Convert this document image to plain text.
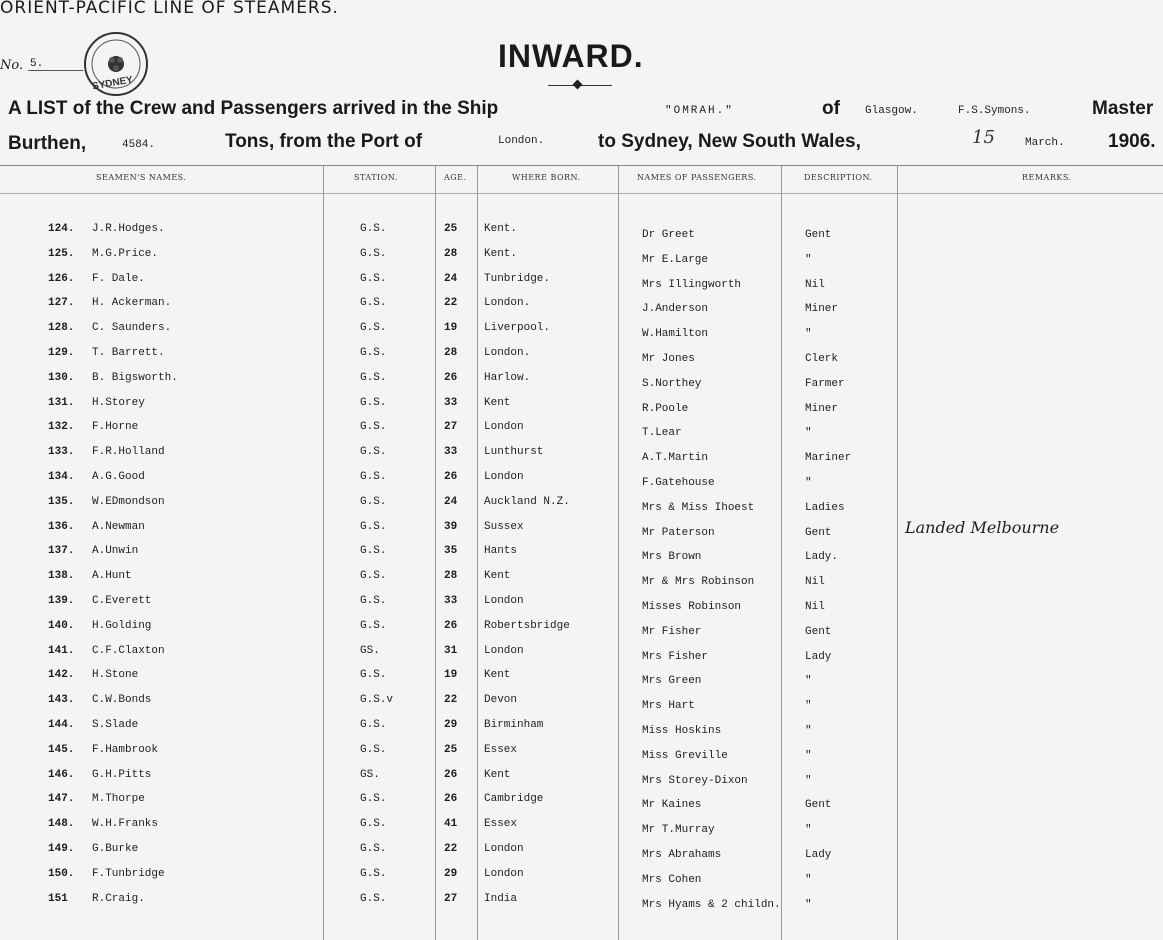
ORIENT-PACIFIC LINE OF STEAMERS.
No. 5.
SYDNEY
INWARD.
A LIST of the Crew and Passengers arrived in the Ship	"OMRAH."	of Glasgow.	F.S.Symons.	Master
Burthen,	4584.	Tons, from the Port of	London.	to Sydney, New South Wales,	15	March. 1906.
SEAMEN'S NAMES.	STATION.	AGE.	WHERE BORN.	NAMES OF PASSENGERS.	DESCRIPTION.	REMARKS.
124. J.R.Hodges.	G.S.	25 Kent.	Dr Greet	Gent
125. M.G.Price.	G.S.	28 Kent.	Mr E.Large	"
126. F. Dale.	G.S.	24 Tunbridge.	Mrs Illingworth	Nil
127. H. Ackerman.	G.S.	22 London.	J.Anderson	Miner
128. C. Saunders.	G.S.	19 Liverpool.	W.Hamilton	"
129. T. Barrett.	G.S.	28 London.	Mr Jones	Clerk
130. B. Bigsworth.	G.S.	26 Harlow.	S.Northey	Farmer
131. H.Storey	G.S.	33 Kent	R.Poole	Miner
132. F.Horne	G.S.	27 London	T.Lear	"
133. F.R.Holland	G.S.	33 Lunthurst	A.T.Martin	Mariner
134. A.G.Good	G.S.	26 London	F.Gatehouse	"
135. W.EDmondson	G.S.	24 Auckland N.Z.	Mrs & Miss Ihoest	Ladies
136. A.Newman	G.S.	39 Sussex	Mr Paterson	Gent	Landed Melbourne
137. A.Unwin	G.S.	35 Hants	Mrs Brown	Lady.
138. A.Hunt	G.S.	28 Kent	Mr & Mrs Robinson	Nil
139. C.Everett	G.S.	33 London	Misses Robinson	Nil
140. H.Golding	G.S.	26 Robertsbridge	Mr Fisher	Gent
141. C.F.Claxton	GS.	31 London	Mrs Fisher	Lady
142. H.Stone	G.S.	19 Kent	Mrs Green	"
143. C.W.Bonds	G.S.v	22 Devon	Mrs Hart	"
144. S.Slade	G.S.	29 Birminham	Miss Hoskins	"
145. F.Hambrook	G.S.	25 Essex	Miss Greville	"
146. G.H.Pitts	GS.	26 Kent	Mrs Storey-Dixon	"
147. M.Thorpe	G.S.	26 Cambridge	Mr Kaines	Gent
148. W.H.Franks	G.S.	41 Essex	Mr T.Murray	"
149. G.Burke	G.S.	22 London	Mrs Abrahams	Lady
150. F.Tunbridge	G.S.	29 London	Mrs Cohen	"
151 R.Craig.	G.S.	27 India	Mrs Hyams & 2 childn. "
